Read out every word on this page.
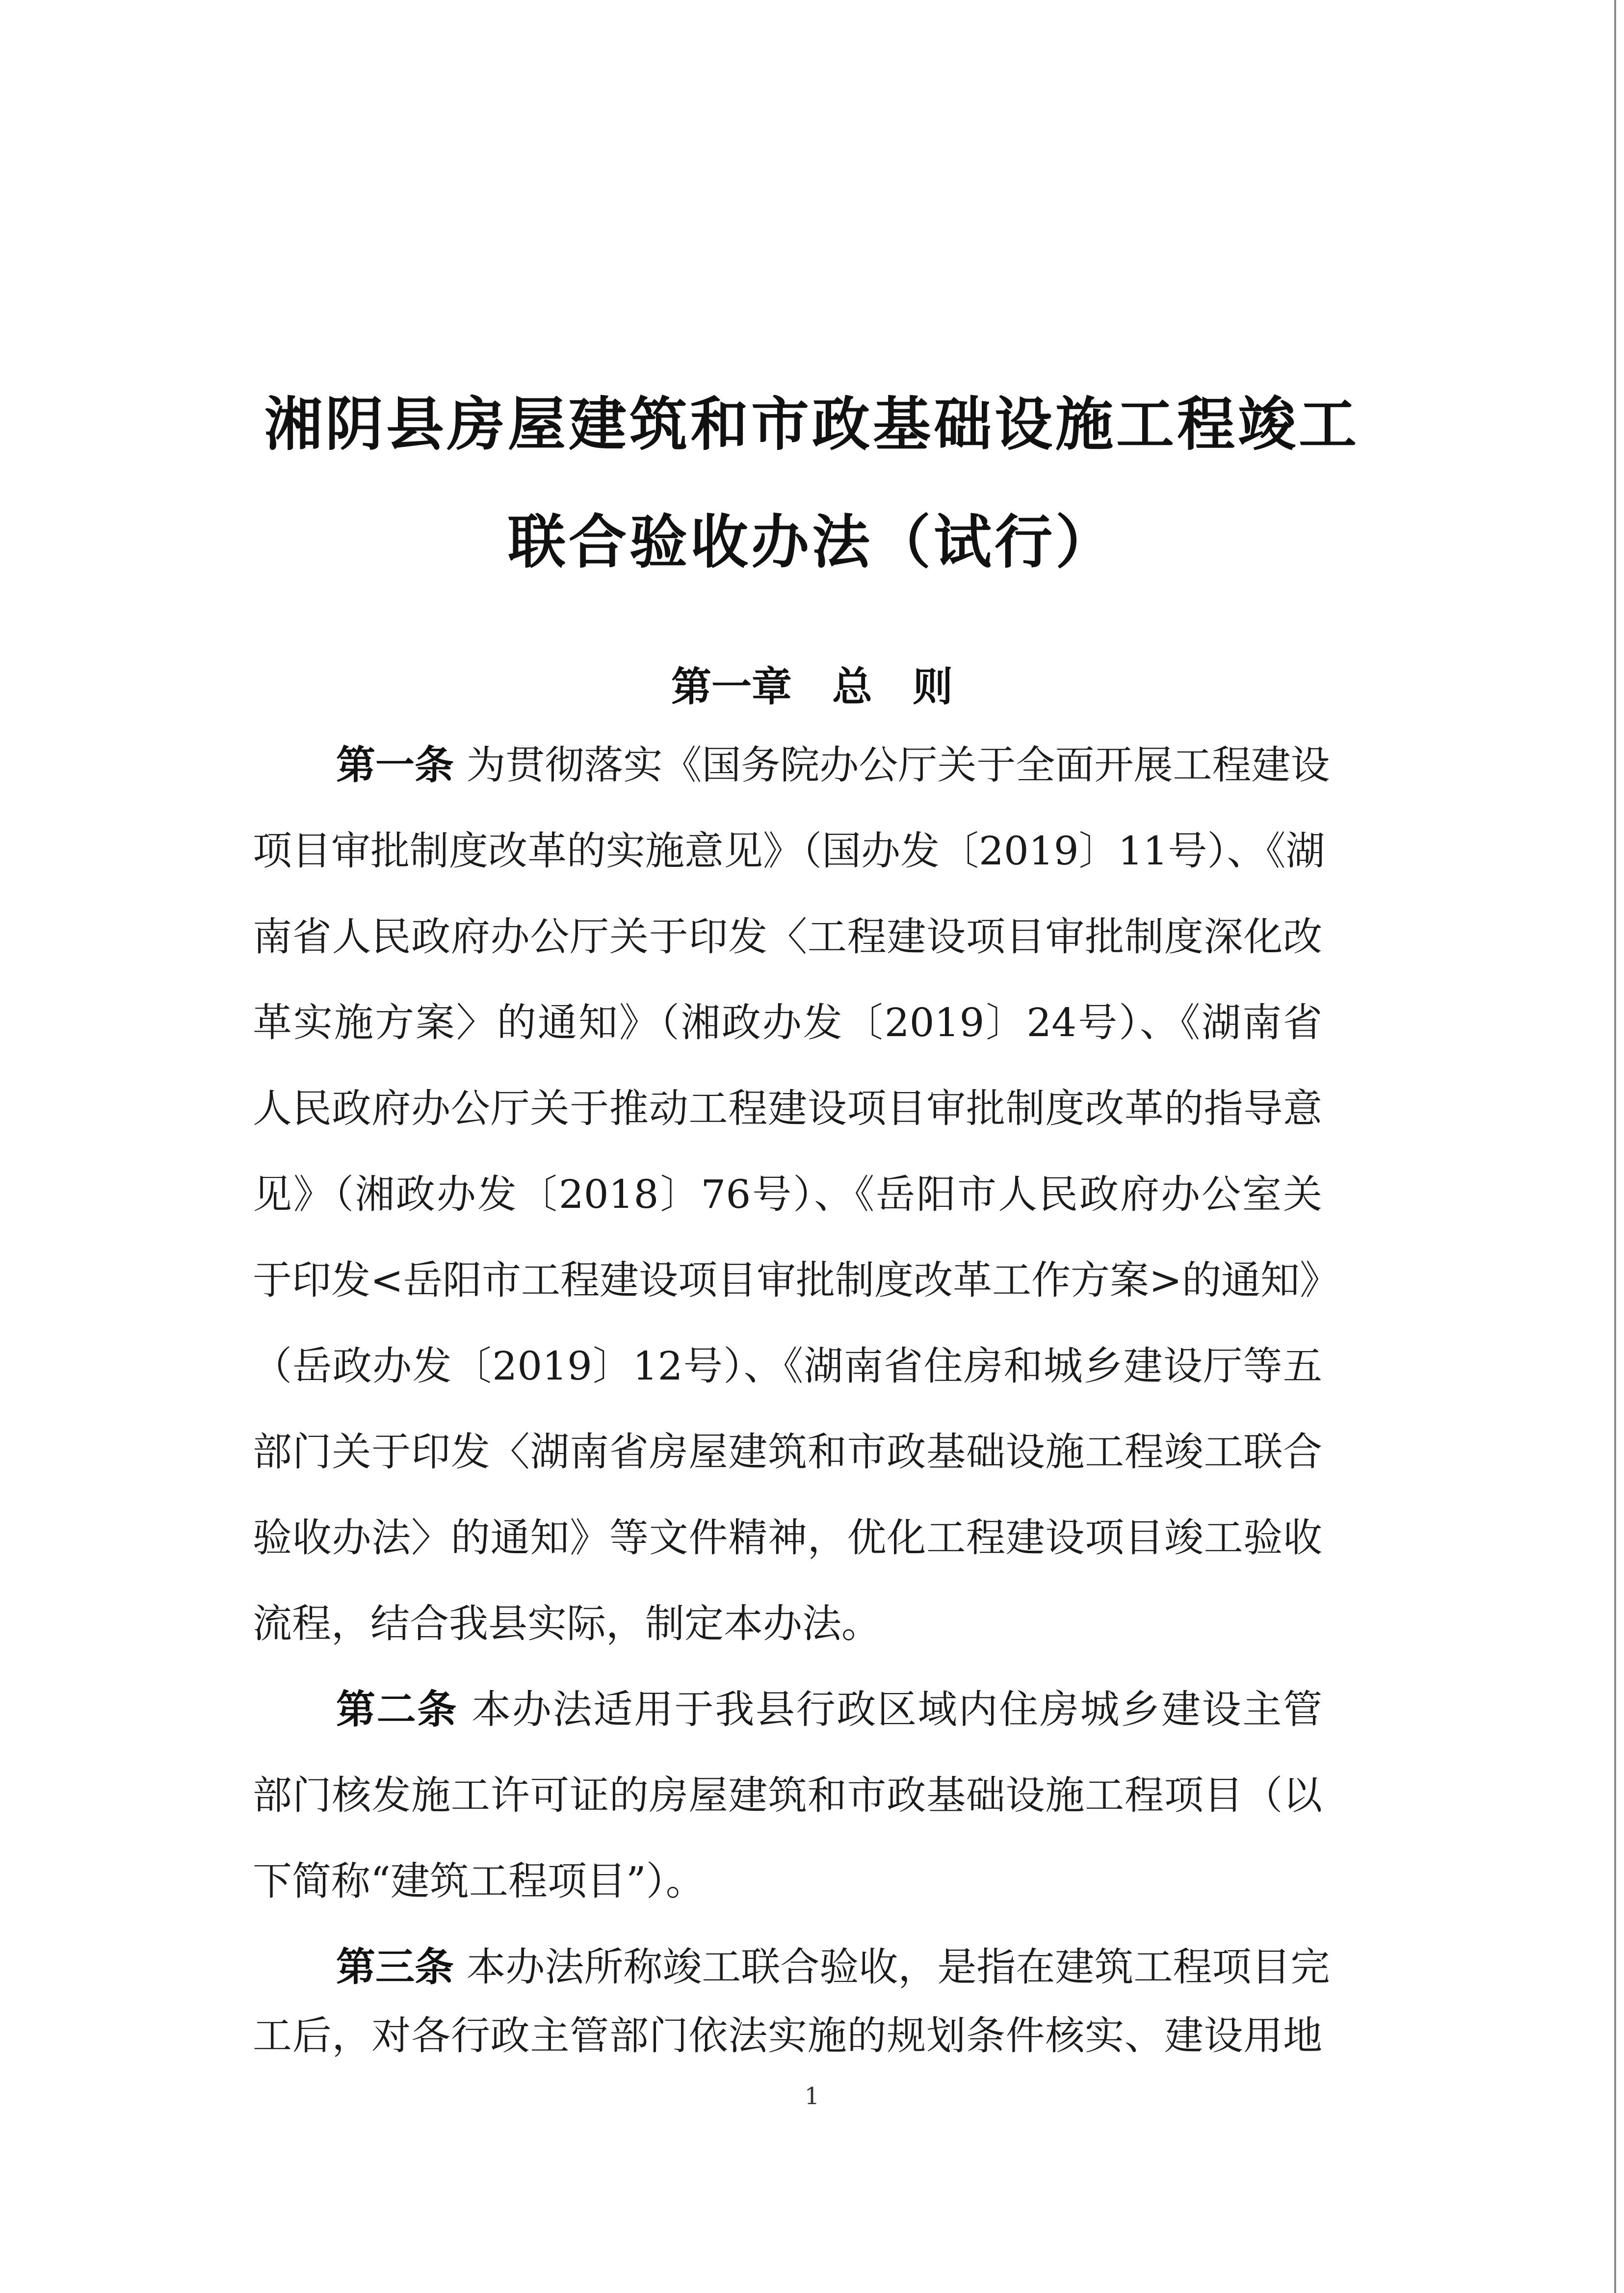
湘阴县房屋建筑和市政基础设施工程竣工
联合验收办法（试行）
第一章　总　则
第一条 为贯彻落实《国务院办公厅关于全面开展工程建设
项目审批制度改革的实施意见》（国办发〔2019〕11号）、《湖
南省人民政府办公厅关于印发〈工程建设项目审批制度深化改
革实施方案〉的通知》（湘政办发〔2019〕24号）、《湖南省
人民政府办公厅关于推动工程建设项目审批制度改革的指导意
见》（湘政办发〔2018〕76号）、《岳阳市人民政府办公室关
于印发<岳阳市工程建设项目审批制度改革工作方案>的通知》
（岳政办发〔2019〕12号）、《湖南省住房和城乡建设厅等五
部门关于印发〈湖南省房屋建筑和市政基础设施工程竣工联合
验收办法〉的通知》等文件精神，优化工程建设项目竣工验收
流程，结合我县实际，制定本办法。
第二条 本办法适用于我县行政区域内住房城乡建设主管
部门核发施工许可证的房屋建筑和市政基础设施工程项目（以
下简称“建筑工程项目”）。
第三条 本办法所称竣工联合验收，是指在建筑工程项目完
工后，对各行政主管部门依法实施的规划条件核实、建设用地
1
